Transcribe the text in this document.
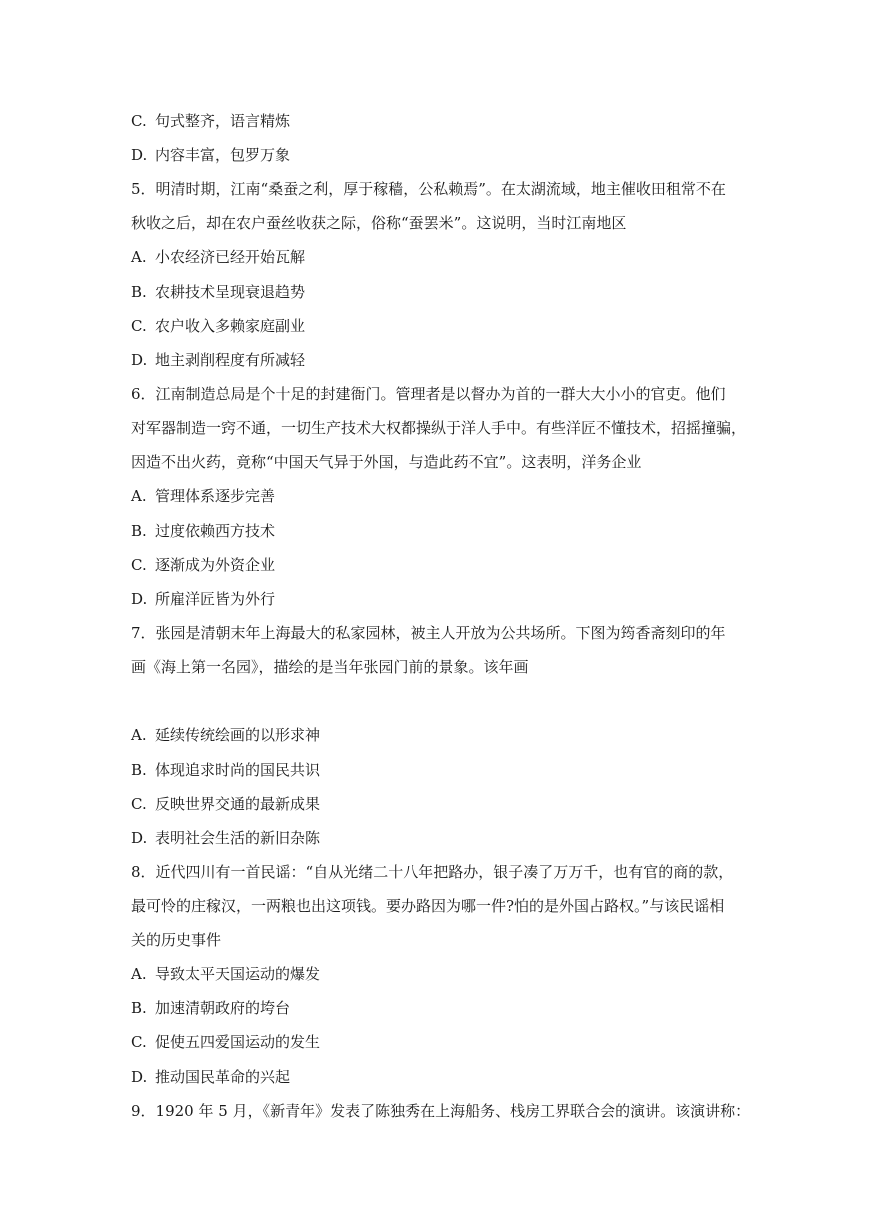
C. 句式整齐，语言精炼
D. 内容丰富，包罗万象
5．明清时期，江南“桑蚕之利，厚于稼穑，公私赖焉”。在太湖流域，地主催收田租常不在
秋收之后，却在农户蚕丝收获之际，俗称“蚕罢米”。这说明，当时江南地区
A. 小农经济已经开始瓦解
B. 农耕技术呈现衰退趋势
C. 农户收入多赖家庭副业
D. 地主剥削程度有所减轻
6．江南制造总局是个十足的封建衙门。管理者是以督办为首的一群大大小小的官吏。他们
对军器制造一窍不通，一切生产技术大权都操纵于洋人手中。有些洋匠不懂技术，招摇撞骗，
因造不出火药，竟称“中国天气异于外国，与造此药不宜”。这表明，洋务企业
A. 管理体系逐步完善
B. 过度依赖西方技术
C. 逐渐成为外资企业
D. 所雇洋匠皆为外行
7．张园是清朝末年上海最大的私家园林，被主人开放为公共场所。下图为筠香斋刻印的年
画《海上第一名园》，描绘的是当年张园门前的景象。该年画
A. 延续传统绘画的以形求神
B. 体现追求时尚的国民共识
C. 反映世界交通的最新成果
D. 表明社会生活的新旧杂陈
8．近代四川有一首民谣：“自从光绪二十八年把路办，银子凑了万万千，也有官的商的款，
最可怜的庄稼汉，一两粮也出这项钱。要办路因为哪一件?怕的是外国占路权。”与该民谣相
关的历史事件
A. 导致太平天国运动的爆发
B. 加速清朝政府的垮台
C. 促使五四爱国运动的发生
D. 推动国民革命的兴起
9．1920 年 5 月，《新青年》发表了陈独秀在上海船务、栈房工界联合会的演讲。该演讲称：
